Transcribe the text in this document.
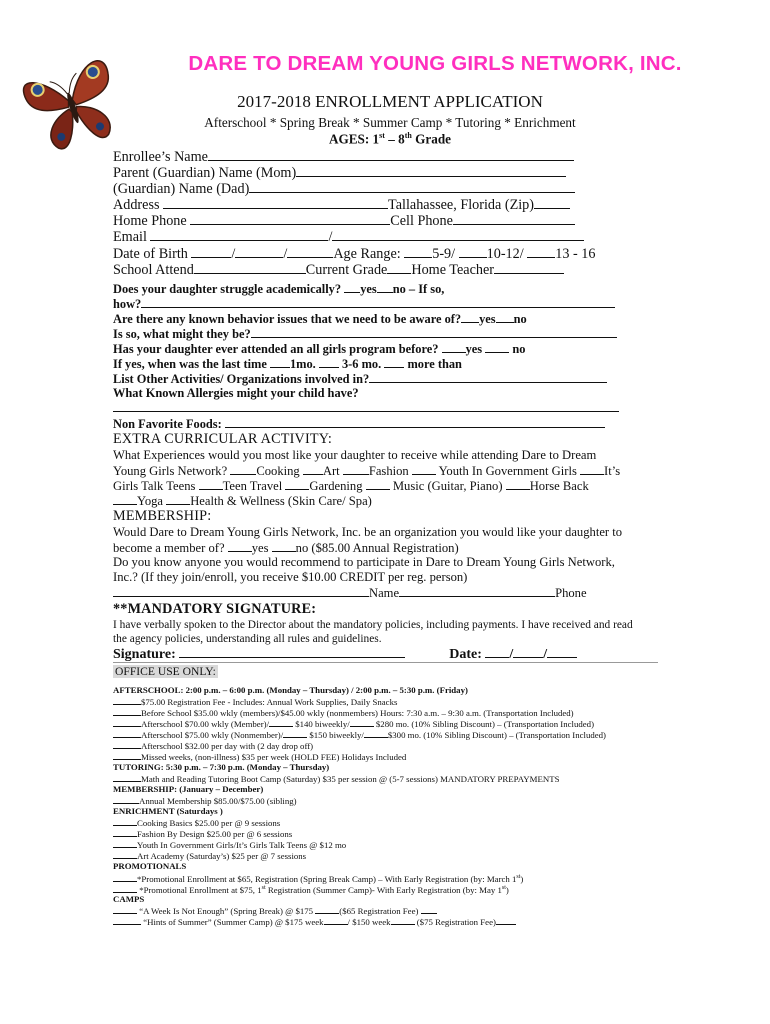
DARE TO DREAM YOUNG GIRLS NETWORK, INC.
2017-2018 ENROLLMENT APPLICATION
Afterschool * Spring Break * Summer Camp * Tutoring * Enrichment
AGES: 1st – 8th Grade
Enrollee’s Name
Parent (Guardian) Name (Mom)
(Guardian) Name (Dad)
Address	Tallahassee, Florida (Zip)
Home Phone	Cell Phone
Email	/
Date of Birth	/	/	Age Range: 5-9/ 10-12/ 13 - 16
School Attend	Current Grade Home Teacher
Does your daughter struggle academically? yes no – If so,
how?
Are there any known behavior issues that we need to be aware of? yes no
Is so, what might they be?
Has your daughter ever attended an all girls program before? yes no
If yes, when was the last time 1mo. 3-6 mo. more than
List Other Activities/ Organizations involved in?
What Known Allergies might your child have?
Non Favorite Foods:
EXTRA CURRICULAR ACTIVITY:
What Experiences would you most like your daughter to receive while attending Dare to Dream
Young Girls Network? Cooking Art Fashion Youth In Government Girls It’s
Girls Talk Teens Teen Travel Gardening Music (Guitar, Piano) Horse Back
Yoga Health & Wellness (Skin Care/ Spa)
MEMBERSHIP:
Would Dare to Dream Young Girls Network, Inc. be an organization you would like your daughter to
become a member of? yes no ($85.00 Annual Registration)
Do you know anyone you would recommend to participate in Dare to Dream Young Girls Network,
Inc.? (If they join/enroll, you receive $10.00 CREDIT per reg. person)
Name	Phone
**MANDATORY SIGNATURE:
I have verbally spoken to the Director about the mandatory policies, including payments. I have received and read
the agency policies, understanding all rules and guidelines.
Signature:	Date: / /
OFFICE USE ONLY:
AFTERSCHOOL: 2:00 p.m. – 6:00 p.m. (Monday – Thursday) / 2:00 p.m. – 5:30 p.m. (Friday)
$75.00 Registration Fee - Includes: Annual Work Supplies, Daily Snacks
Before School $35.00 wkly (members)/$45.00 wkly (nonmembers) Hours: 7:30 a.m. – 9:30 a.m. (Transportation Included)
Afterschool $70.00 wkly (Member)/	$140 biweekly/	$280 mo. (10% Sibling Discount) – (Transportation Included)
Afterschool $75.00 wkly (Nonmember)/	$150 biweekly/	$300 mo. (10% Sibling Discount) – (Transportation Included)
Afterschool $32.00 per day with (2 day drop off)
Missed weeks, (non-illness) $35 per week (HOLD FEE) Holidays Included
TUTORING: 5:30 p.m. – 7:30 p.m. (Monday – Thursday)
Math and Reading Tutoring Boot Camp (Saturday) $35 per session @ (5-7 sessions) MANDATORY PREPAYMENTS
MEMBERSHIP: (January – December)
Annual Membership $85.00/$75.00 (sibling)
ENRICHMENT (Saturdays )
Cooking Basics $25.00 per @ 9 sessions
Fashion By Design $25.00 per @ 6 sessions
Youth In Government Girls/It’s Girls Talk Teens @ $12 mo
Art Academy (Saturday’s) $25 per @ 7 sessions
PROMOTIONALS
*Promotional Enrollment at $65, Registration (Spring Break Camp) – With Early Registration (by: March 1st)
*Promotional Enrollment at $75, 1st Registration (Summer Camp)- With Early Registration (by: May 1st)
CAMPS
“A Week Is Not Enough” (Spring Break) @ $175	($65 Registration Fee)
“Hints of Summer” (Summer Camp) @ $175 week	/ $150 week	($75 Registration Fee)
